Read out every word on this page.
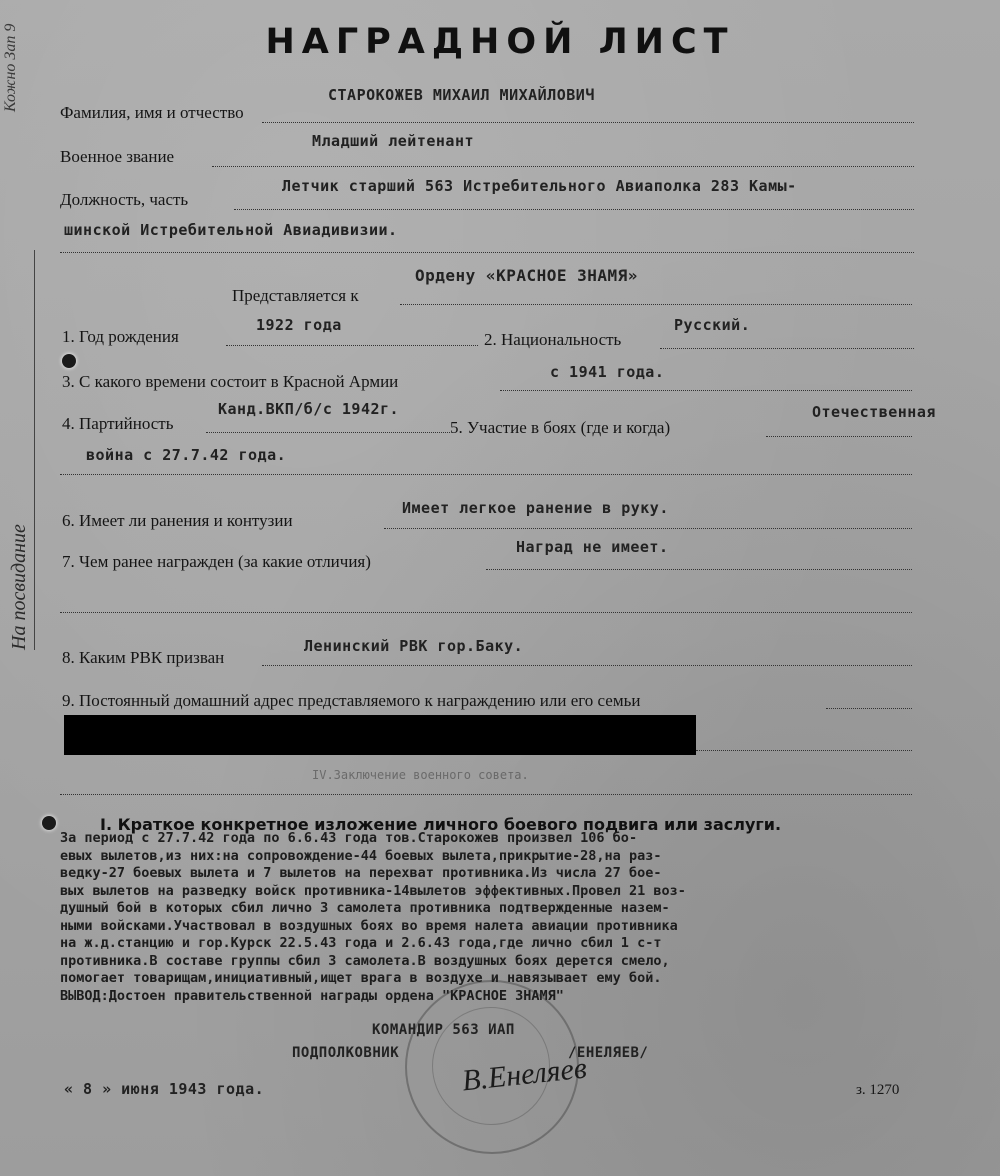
НАГРАДНОЙ ЛИСТ
Кожно Зап 9
На посвидание
Фамилия, имя и отчество
СТАРОКОЖЕВ МИХАИЛ МИХАЙЛОВИЧ
Военное звание
Младший лейтенант
Должность, часть
Летчик старший 563 Истребительного Авиаполка 283 Камы-
шинской Истребительной Авиадивизии.
Ордену «КРАСНОЕ ЗНАМЯ»
Представляется к
1. Год рождения
1922 года
2. Национальность
Русский.
3. С какого времени состоит в Красной Армии	с 1941 года.
4. Партийность
Канд.ВКП/б/с 1942г.
5. Участие в боях (где и когда)
Отечественная
война с 27.7.42 года.
6. Имеет ли ранения и контузии
Имеет легкое ранение в руку.
7. Чем ранее награжден (за какие отличия)
Наград не имеет.
8. Каким РВК призван
Ленинский РВК гор.Баку.
9. Постоянный домашний адрес представляемого к награждению или его семьи
IV.Заключение военного совета.
I. Краткое конкретное изложение личного боевого подвига или заслуги.
За период с 27.7.42 года по 6.6.43 года тов.Старокожев произвел 106 бо-
евых вылетов,из них:на сопровождение-44 боевых вылета,прикрытие-28,на раз-
ведку-27 боевых вылета и 7 вылетов на перехват противника.Из числа 27 бое-
вых вылетов на разведку войск противника-14вылетов эффективных.Провел 21 воз-
душный бой в которых сбил лично 3 самолета противника подтвержденные назем-
ными войсками.Участвовал в воздушных боях во время налета авиации противника
на ж.д.станцию и гор.Курск 22.5.43 года и 2.6.43 года,где лично сбил 1 с-т
противника.В составе группы сбил 3 самолета.В воздушных боях дерется смело,
помогает товарищам,инициативный,ищет врага в воздухе и навязывает ему бой.
ВЫВОД:Достоен правительственной награды ордена "КРАСНОЕ ЗНАМЯ"
КОМАНДИР 563 ИАП
ПОДПОЛКОВНИК	/ЕНЕЛЯЕВ/
В.Енеляев
« 8 » июня 1943 года.	з. 1270
